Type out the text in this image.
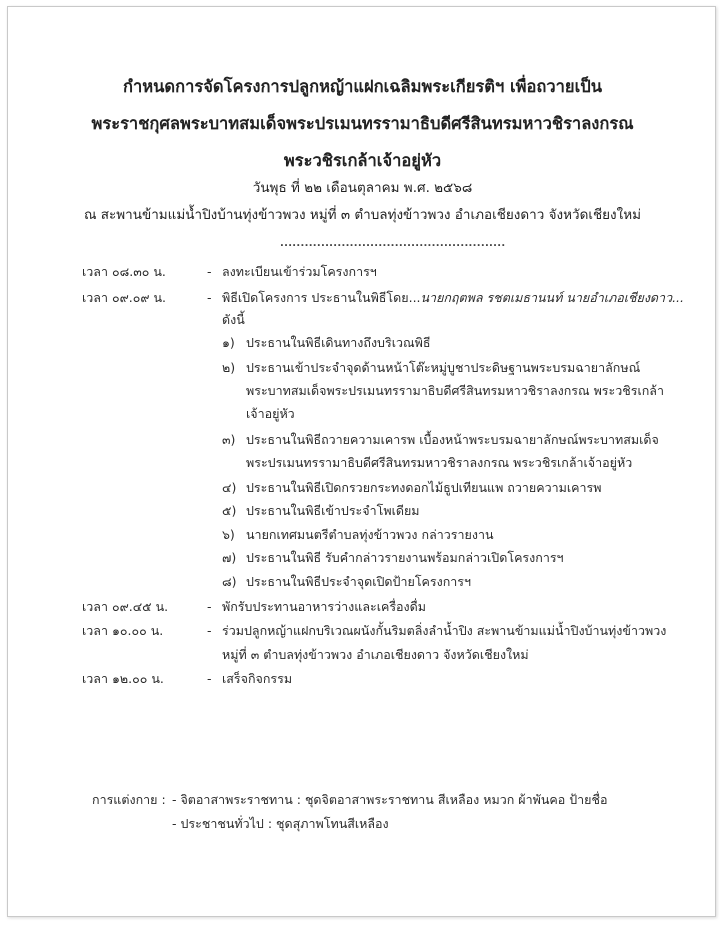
กำหนดการจัดโครงการปลูกหญ้าแฝกเฉลิมพระเกียรติฯ เพื่อถวายเป็น
พระราชกุศลพระบาทสมเด็จพระปรเมนทรรามาธิบดีศรีสินทรมหาวชิราลงกรณ
พระวชิรเกล้าเจ้าอยู่หัว
วันพุธ ที่ ๒๒ เดือนตุลาคม พ.ศ. ๒๕๖๘
ณ สะพานข้ามแม่น้ำปิงบ้านทุ่งข้าวพวง หมู่ที่ ๓ ตำบลทุ่งข้าวพวง อำเภอเชียงดาว จังหวัดเชียงใหม่
.......................................................
เวลา ๐๘.๓๐ น.	- ลงทะเบียนเข้าร่วมโครงการฯ
เวลา ๐๙.๐๙ น.	- พิธีเปิดโครงการ ประธานในพิธีโดย...นายกฤตพล รชตเมธานนท์ นายอำเภอเชียงดาว...
ดังนี้
๑) ประธานในพิธีเดินทางถึงบริเวณพิธี
๒) ประธานเข้าประจำจุดด้านหน้าโต๊ะหมู่บูชาประดิษฐานพระบรมฉายาลักษณ์
พระบาทสมเด็จพระปรเมนทรรามาธิบดีศรีสินทรมหาวชิราลงกรณ พระวชิรเกล้า
เจ้าอยู่หัว
๓) ประธานในพิธีถวายความเคารพ เบื้องหน้าพระบรมฉายาลักษณ์พระบาทสมเด็จ
พระปรเมนทรรามาธิบดีศรีสินทรมหาวชิราลงกรณ พระวชิรเกล้าเจ้าอยู่หัว
๔) ประธานในพิธีเปิดกรวยกระทงดอกไม้ธูปเทียนแพ ถวายความเคารพ
๕) ประธานในพิธีเข้าประจำโพเดียม
๖) นายกเทศมนตรีตำบลทุ่งข้าวพวง กล่าวรายงาน
๗) ประธานในพิธี รับคำกล่าวรายงานพร้อมกล่าวเปิดโครงการฯ
๘) ประธานในพิธีประจำจุดเปิดป้ายโครงการฯ
เวลา ๐๙.๔๕ น.	- พักรับประทานอาหารว่างและเครื่องดื่ม
เวลา ๑๐.๐๐ น.	- ร่วมปลูกหญ้าแฝกบริเวณผนังกั้นริมตลิ่งลำน้ำปิง สะพานข้ามแม่น้ำปิงบ้านทุ่งข้าวพวง
หมู่ที่ ๓ ตำบลทุ่งข้าวพวง อำเภอเชียงดาว จังหวัดเชียงใหม่
เวลา ๑๒.๐๐ น.	- เสร็จกิจกรรม
การแต่งกาย : - จิตอาสาพระราชทาน : ชุดจิตอาสาพระราชทาน สีเหลือง หมวก ผ้าพันคอ ป้ายชื่อ
- ประชาชนทั่วไป : ชุดสุภาพโทนสีเหลือง
